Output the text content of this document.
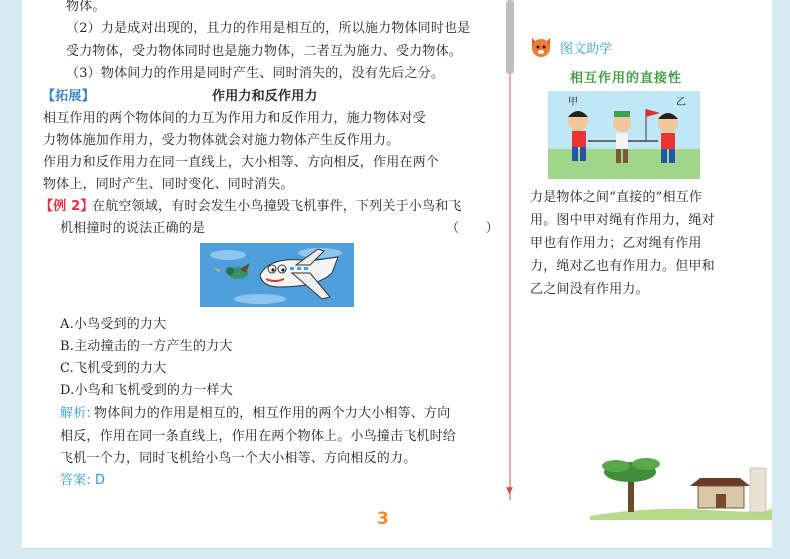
物体。
（2）力是成对出现的，且力的作用是相互的，所以施力物体同时也是
受力物体，受力物体同时也是施力物体，二者互为施力、受力物体。
（3）物体间力的作用是同时产生、同时消失的，没有先后之分。
【拓展】	作用力和反作用力
相互作用的两个物体间的力互为作用力和反作用力，施力物体对受
力物体施加作用力，受力物体就会对施力物体产生反作用力。
作用力和反作用力在同一直线上，大小相等、方向相反，作用在两个
物体上，同时产生、同时变化、同时消失。
【例 2】
在航空领域，有时会发生小鸟撞毁飞机事件，下列关于小鸟和飞
机相撞时的说法正确的是	（　　）
A.小鸟受到的力大
B.主动撞击的一方产生的力大
C.飞机受到的力大
D.小鸟和飞机受到的力一样大
解析: 物体间力的作用是相互的，相互作用的两个力大小相等、方向
相反，作用在同一条直线上，作用在两个物体上。小鸟撞击飞机时给
飞机一个力，同时飞机给小鸟一个大小相等、方向相反的力。
答案: D
3
▼
图文助学
相互作用的直接性
甲	乙
力是物体之间“直接的”相互作
用。图中甲对绳有作用力，绳对
甲也有作用力；乙对绳有作用
力，绳对乙也有作用力。但甲和
乙之间没有作用力。
